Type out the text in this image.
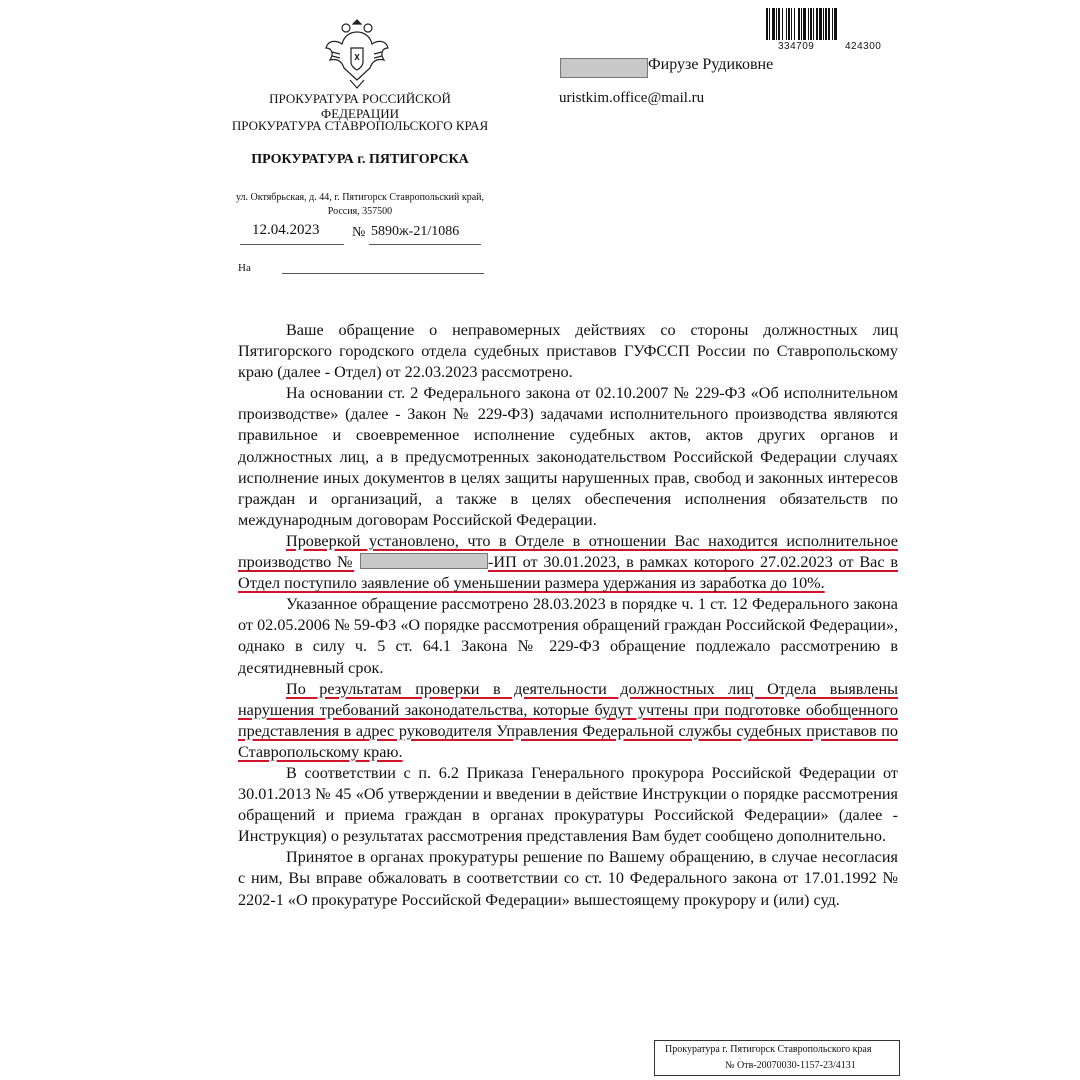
ПРОКУРАТУРА РОССИЙСКОЙ ФЕДЕРАЦИИ
ПРОКУРАТУРА СТАВРОПОЛЬСКОГО КРАЯ
ПРОКУРАТУРА г. ПЯТИГОРСКА
ул. Октябрьская, д. 44, г. Пятигорск Ставропольский край, Россия, 357500
12.04.2023 № 5890ж-21/1086
На
334709	424300
Фирузе Рудиковне
uristkim.office@mail.ru

Ваше обращение о неправомерных действиях со стороны должностных лиц Пятигорского городского отдела судебных приставов ГУФССП России по Ставропольскому краю (далее - Отдел) от 22.03.2023 рассмотрено.

На основании ст. 2 Федерального закона от 02.10.2007 № 229-ФЗ «Об исполнительном производстве» (далее - Закон № 229-ФЗ) задачами исполнительного производства являются правильное и своевременное исполнение судебных актов, актов других органов и должностных лиц, а в предусмотренных законодательством Российской Федерации случаях исполнение иных документов в целях защиты нарушенных прав, свобод и законных интересов граждан и организаций, а также в целях обеспечения исполнения обязательств по международным договорам Российской Федерации.

Проверкой установлено, что в Отделе в отношении Вас находится исполнительное производство №	-ИП от 30.01.2023, в рамках которого 27.02.2023 от Вас в Отдел поступило заявление об уменьшении размера удержания из заработка до 10%.

Указанное обращение рассмотрено 28.03.2023 в порядке ч. 1 ст. 12 Федерального закона от 02.05.2006 № 59-ФЗ «О порядке рассмотрения обращений граждан Российской Федерации», однако в силу ч. 5 ст. 64.1 Закона № 229-ФЗ обращение подлежало рассмотрению в десятидневный срок.

По результатам проверки в деятельности должностных лиц Отдела выявлены нарушения требований законодательства, которые будут учтены при подготовке обобщенного представления в адрес руководителя Управления Федеральной службы судебных приставов по Ставропольскому краю.

В соответствии с п. 6.2 Приказа Генерального прокурора Российской Федерации от 30.01.2013 № 45 «Об утверждении и введении в действие Инструкции о порядке рассмотрения обращений и приема граждан в органах прокуратуры Российской Федерации» (далее - Инструкция) о результатах рассмотрения представления Вам будет сообщено дополнительно.

Принятое в органах прокуратуры решение по Вашему обращению, в случае несогласия с ним, Вы вправе обжаловать в соответствии со ст. 10 Федерального закона от 17.01.1992 № 2202-1 «О прокуратуре Российской Федерации» вышестоящему прокурору и (или) суд.

Прокуратура г. Пятигорск Ставропольского края
№ Отв-20070030-1157-23/4131
